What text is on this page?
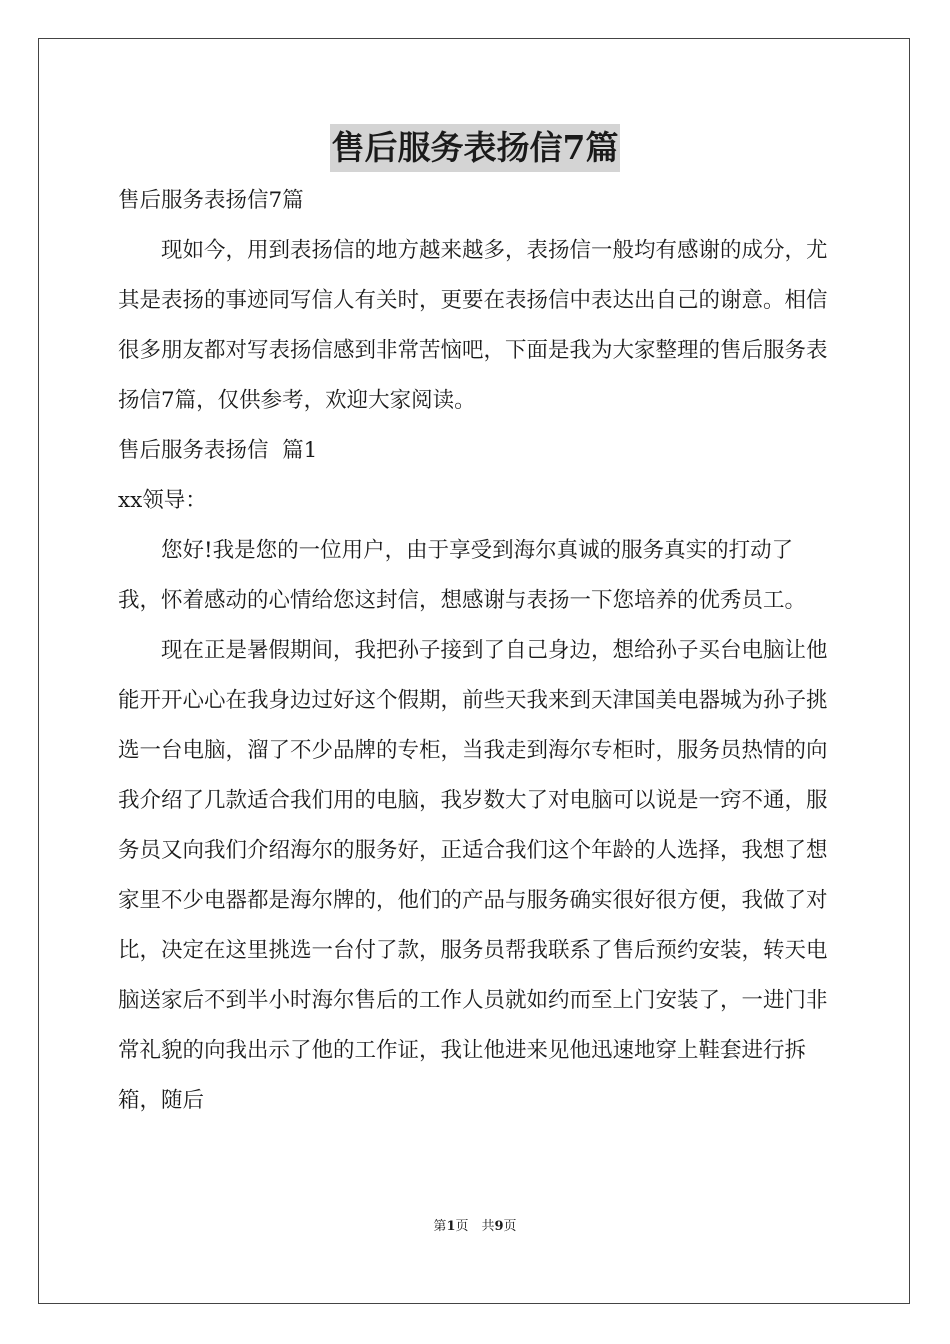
售后服务表扬信7篇

售后服务表扬信7篇

现如今，用到表扬信的地方越来越多，表扬信一般均有感谢的成分，尤其是表扬的事迹同写信人有关时，更要在表扬信中表达出自己的谢意。相信很多朋友都对写表扬信感到非常苦恼吧，下面是我为大家整理的售后服务表扬信7篇，仅供参考，欢迎大家阅读。

售后服务表扬信  篇1

xx领导：

您好!我是您的一位用户，由于享受到海尔真诚的服务真实的打动了我，怀着感动的心情给您这封信，想感谢与表扬一下您培养的优秀员工。

现在正是暑假期间，我把孙子接到了自己身边，想给孙子买台电脑让他能开开心心在我身边过好这个假期，前些天我来到天津国美电器城为孙子挑选一台电脑，溜了不少品牌的专柜，当我走到海尔专柜时，服务员热情的向我介绍了几款适合我们用的电脑，我岁数大了对电脑可以说是一窍不通，服务员又向我们介绍海尔的服务好，正适合我们这个年龄的人选择，我想了想家里不少电器都是海尔牌的，他们的产品与服务确实很好很方便，我做了对比，决定在这里挑选一台付了款，服务员帮我联系了售后预约安装，转天电脑送家后不到半小时海尔售后的工作人员就如约而至上门安装了，一进门非常礼貌的向我出示了他的工作证，我让他进来见他迅速地穿上鞋套进行拆箱，随后

第1页　共9页
